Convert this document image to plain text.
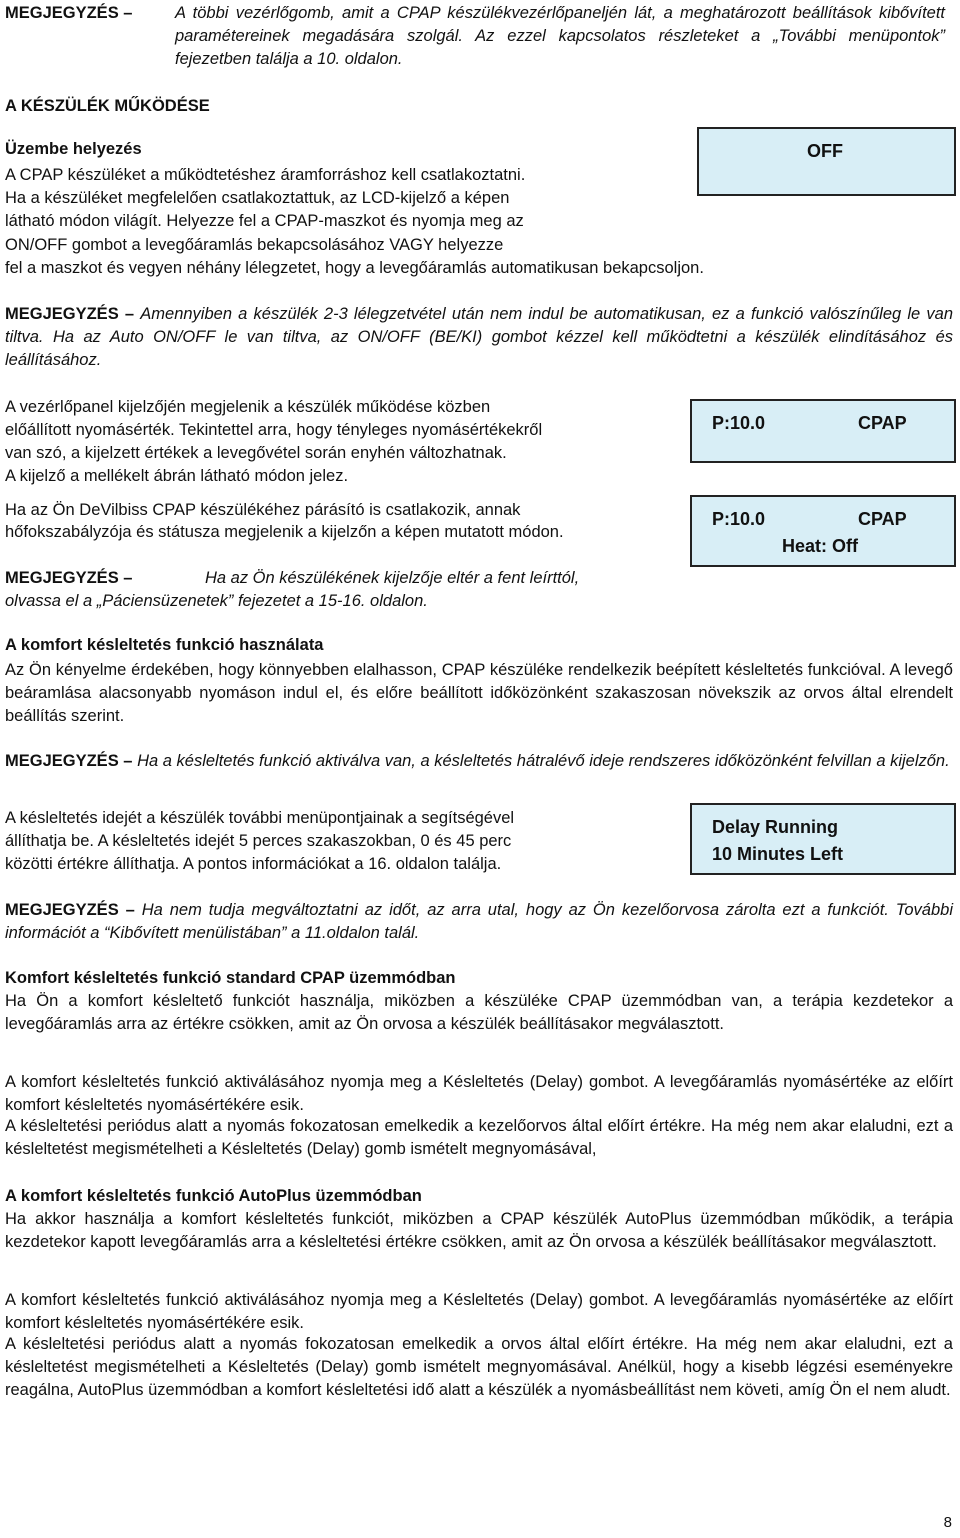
MEGJEGYZÉS –	A többi vezérlőgomb, amit a CPAP készülékvezérlőpaneljén lát, a meghatározott beállítások kibővített paramétereinek megadására szolgál. Az ezzel kapcsolatos részleteket a „További menüpontok” fejezetben találja a 10. oldalon.

A KÉSZÜLÉK MŰKÖDÉSE
Üzembe helyezés
A CPAP készüléket a működtetéshez áramforráshoz kell csatlakoztatni.
Ha a készüléket megfelelően csatlakoztattuk, az LCD-kijelző a képen
látható módon világít. Helyezze fel a CPAP-maszkot és nyomja meg az
ON/OFF gombot a levegőáramlás bekapcsolásához VAGY helyezze
fel a maszkot és vegyen néhány lélegzetet, hogy a levegőáramlás automatikusan bekapcsoljon.
OFF

MEGJEGYZÉS – Amennyiben a készülék 2-3 lélegzetvétel után nem indul be automatikusan, ez a funkció valószínűleg le van tiltva. Ha az Auto ON/OFF le van tiltva, az ON/OFF (BE/KI) gombot kézzel kell működtetni a készülék elindításához és leállításához.

A vezérlőpanel kijelzőjén megjelenik a készülék működése közben
előállított nyomásérték. Tekintettel arra, hogy tényleges nyomásértékekről
van szó, a kijelzett értékek a levegővétel során enyhén változhatnak.
A kijelző a mellékelt ábrán látható módon jelez.
P:10.0	CPAP
Ha az Ön DeVilbiss CPAP készülékéhez párásító is csatlakozik, annak
hőfokszabályzója és státusza megjelenik a kijelzőn a képen mutatott módon.
P:10.0	CPAP
Heat: Off
MEGJEGYZÉS –	Ha az Ön készülékének kijelzője eltér a fent leírttól,
olvassa el a „Páciensüzenetek” fejezetet a 15-16. oldalon.
A komfort késleltetés funkció használata

Az Ön kényelme érdekében, hogy könnyebben elalhasson, CPAP készüléke rendelkezik beépített késleltetés funkcióval. A levegő beáramlása alacsonyabb nyomáson indul el, és előre beállított időközönként szakaszosan növekszik az orvos által elrendelt beállítás szerint.

MEGJEGYZÉS – Ha a késleltetés funkció aktiválva van, a késleltetés hátralévő ideje rendszeres időközönként felvillan a kijelzőn.

A késleltetés idejét a készülék további menüpontjainak a segítségével
állíthatja be. A késleltetés idejét 5 perces szakaszokban, 0 és 45 perc
közötti értékre állíthatja. A pontos információkat a 16. oldalon találja.
Delay Running
10 Minutes Left

MEGJEGYZÉS – Ha nem tudja megváltoztatni az időt, az arra utal, hogy az Ön kezelőorvosa zárolta ezt a funkciót. További információt a “Kibővített menülistában” a 11.oldalon talál.

Komfort késleltetés funkció standard CPAP üzemmódban

Ha Ön a komfort késleltető funkciót használja, miközben a készüléke CPAP üzemmódban van, a terápia kezdetekor a levegőáramlás arra az értékre csökken, amit az Ön orvosa a készülék beállításakor megválasztott.

A komfort késleltetés funkció aktiválásához nyomja meg a Késleltetés (Delay) gombot. A levegőáramlás nyomásértéke az előírt komfort késleltetés nyomásértékére esik.

A késleltetési periódus alatt a nyomás fokozatosan emelkedik a kezelőorvos által előírt értékre. Ha még nem akar elaludni, ezt a késleltetést megismételheti a Késleltetés (Delay) gomb ismételt megnyomásával,

A komfort késleltetés funkció AutoPlus üzemmódban

Ha akkor használja a komfort késleltetés funkciót, miközben a CPAP készülék AutoPlus üzemmódban működik, a terápia kezdetekor kapott levegőáramlás arra a késleltetési értékre csökken, amit az Ön orvosa a készülék beállításakor megválasztott.

A komfort késleltetés funkció aktiválásához nyomja meg a Késleltetés (Delay) gombot. A levegőáramlás nyomásértéke az előírt komfort késleltetés nyomásértékére esik.

A késleltetési periódus alatt a nyomás fokozatosan emelkedik a orvos által előírt értékre. Ha még nem akar elaludni, ezt a késleltetést megismételheti a Késleltetés (Delay) gomb ismételt megnyomásával. Anélkül, hogy a kisebb légzési eseményekre reagálna, AutoPlus üzemmódban a komfort késleltetési idő alatt a készülék a nyomásbeállítást nem követi, amíg Ön el nem aludt.

8
